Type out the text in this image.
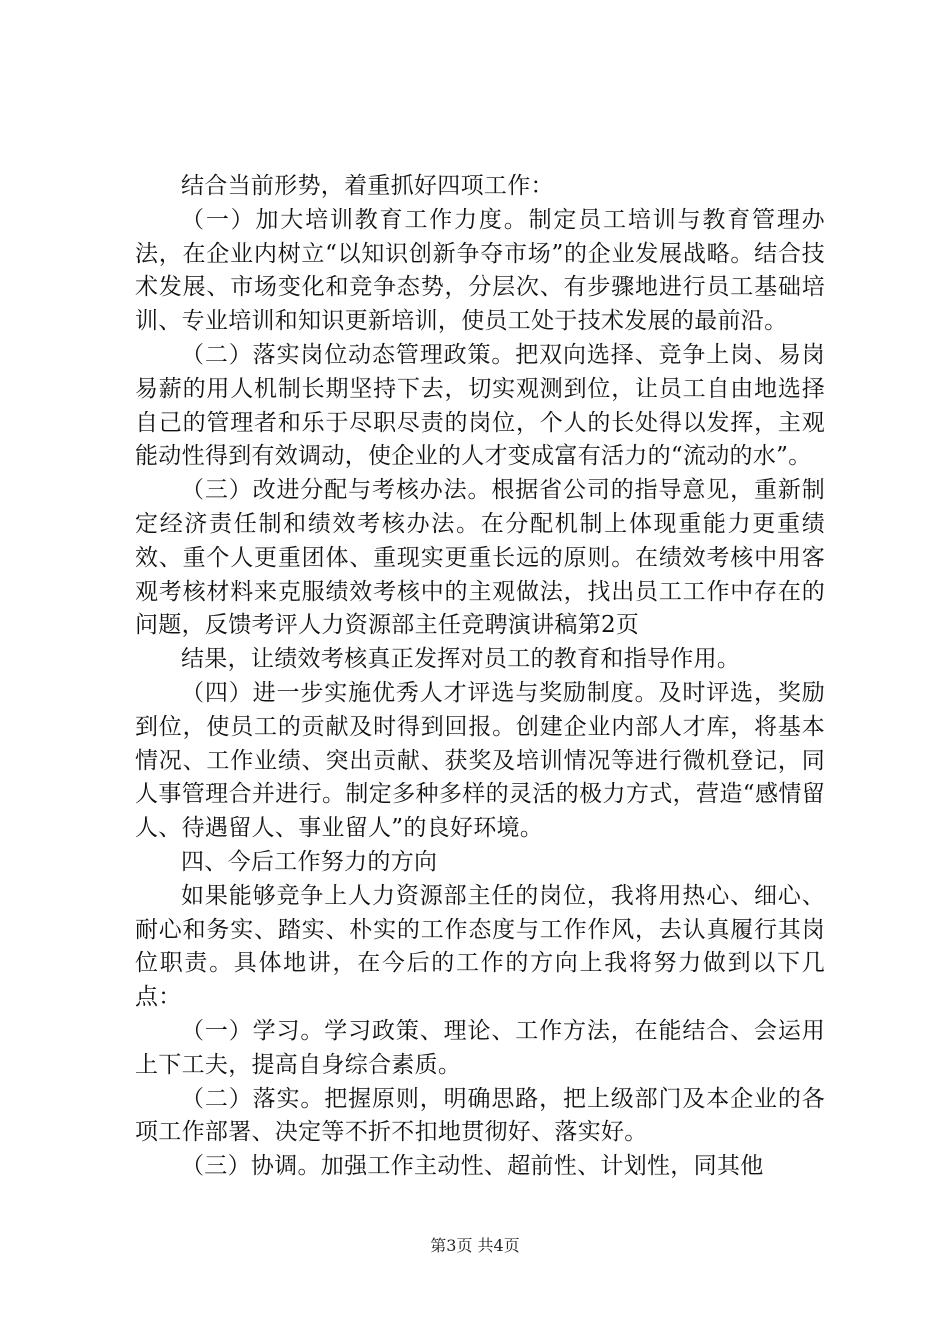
结合当前形势，着重抓好四项工作：

（一）加大培训教育工作力度。制定员工培训与教育管理办法，在企业内树立“以知识创新争夺市场”的企业发展战略。结合技术发展、市场变化和竞争态势，分层次、有步骤地进行员工基础培训、专业培训和知识更新培训，使员工处于技术发展的最前沿。

（二）落实岗位动态管理政策。把双向选择、竞争上岗、易岗易薪的用人机制长期坚持下去，切实观测到位，让员工自由地选择自己的管理者和乐于尽职尽责的岗位，个人的长处得以发挥，主观能动性得到有效调动，使企业的人才变成富有活力的“流动的水”。

（三）改进分配与考核办法。根据省公司的指导意见，重新制定经济责任制和绩效考核办法。在分配机制上体现重能力更重绩效、重个人更重团体、重现实更重长远的原则。在绩效考核中用客观考核材料来克服绩效考核中的主观做法，找出员工工作中存在的问题，反馈考评人力资源部主任竞聘演讲稿第2页

结果，让绩效考核真正发挥对员工的教育和指导作用。

（四）进一步实施优秀人才评选与奖励制度。及时评选，奖励到位，使员工的贡献及时得到回报。创建企业内部人才库，将基本情况、工作业绩、突出贡献、获奖及培训情况等进行微机登记，同人事管理合并进行。制定多种多样的灵活的极力方式，营造“感情留人、待遇留人、事业留人”的良好环境。

四、今后工作努力的方向

如果能够竞争上人力资源部主任的岗位，我将用热心、细心、耐心和务实、踏实、朴实的工作态度与工作作风，去认真履行其岗位职责。具体地讲，在今后的工作的方向上我将努力做到以下几点：

（一）学习。学习政策、理论、工作方法，在能结合、会运用上下工夫，提高自身综合素质。

（二）落实。把握原则，明确思路，把上级部门及本企业的各项工作部署、决定等不折不扣地贯彻好、落实好。

（三）协调。加强工作主动性、超前性、计划性，同其他

第3页 共4页
